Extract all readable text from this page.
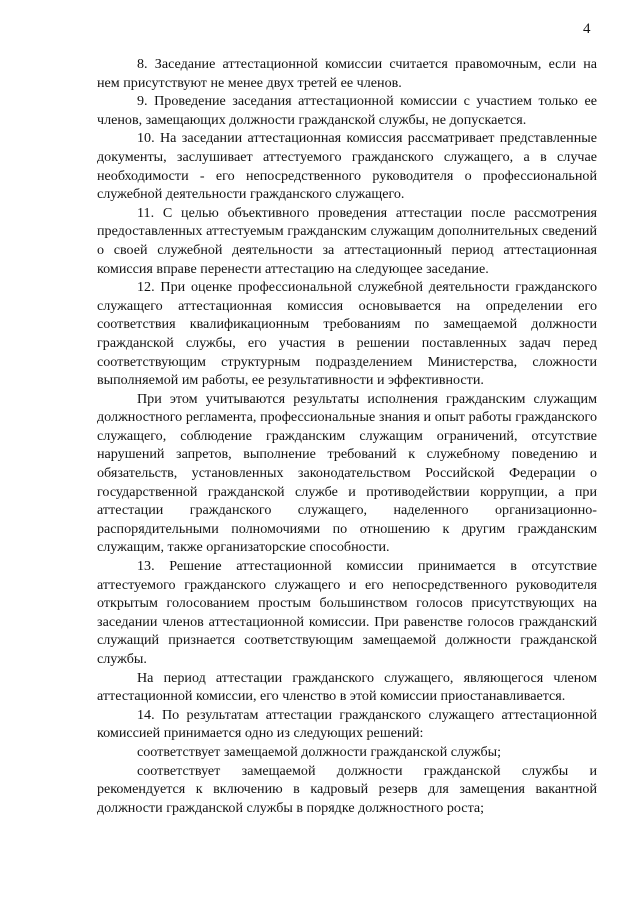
4

8. Заседание аттестационной комиссии считается правомочным, если на нем присутствуют не менее двух третей ее членов.

9. Проведение заседания аттестационной комиссии с участием только ее членов, замещающих должности гражданской службы, не допускается.

10. На заседании аттестационная комиссия рассматривает представленные документы, заслушивает аттестуемого гражданского служащего, а в случае необходимости - его непосредственного руководителя о профессиональной служебной деятельности гражданского служащего.

11. С целью объективного проведения аттестации после рассмотрения предоставленных аттестуемым гражданским служащим дополнительных сведений о своей служебной деятельности за аттестационный период аттестационная комиссия вправе перенести аттестацию на следующее заседание.

12. При оценке профессиональной служебной деятельности гражданского служащего аттестационная комиссия основывается на определении его соответствия квалификационным требованиям по замещаемой должности гражданской службы, его участия в решении поставленных задач перед соответствующим структурным подразделением Министерства, сложности выполняемой им работы, ее результативности и эффективности.

При этом учитываются результаты исполнения гражданским служащим должностного регламента, профессиональные знания и опыт работы гражданского служащего, соблюдение гражданским служащим ограничений, отсутствие нарушений запретов, выполнение требований к служебному поведению и обязательств, установленных законодательством Российской Федерации о государственной гражданской службе и противодействии коррупции, а при аттестации гражданского служащего, наделенного организационно-распорядительными полномочиями по отношению к другим гражданским служащим, также организаторские способности.

13. Решение аттестационной комиссии принимается в отсутствие аттестуемого гражданского служащего и его непосредственного руководителя открытым голосованием простым большинством голосов присутствующих на заседании членов аттестационной комиссии. При равенстве голосов гражданский служащий признается соответствующим замещаемой должности гражданской службы.

На период аттестации гражданского служащего, являющегося членом аттестационной комиссии, его членство в этой комиссии приостанавливается.

14. По результатам аттестации гражданского служащего аттестационной комиссией принимается одно из следующих решений:

соответствует замещаемой должности гражданской службы;

соответствует замещаемой должности гражданской службы и рекомендуется к включению в кадровый резерв для замещения вакантной должности гражданской службы в порядке должностного роста;
